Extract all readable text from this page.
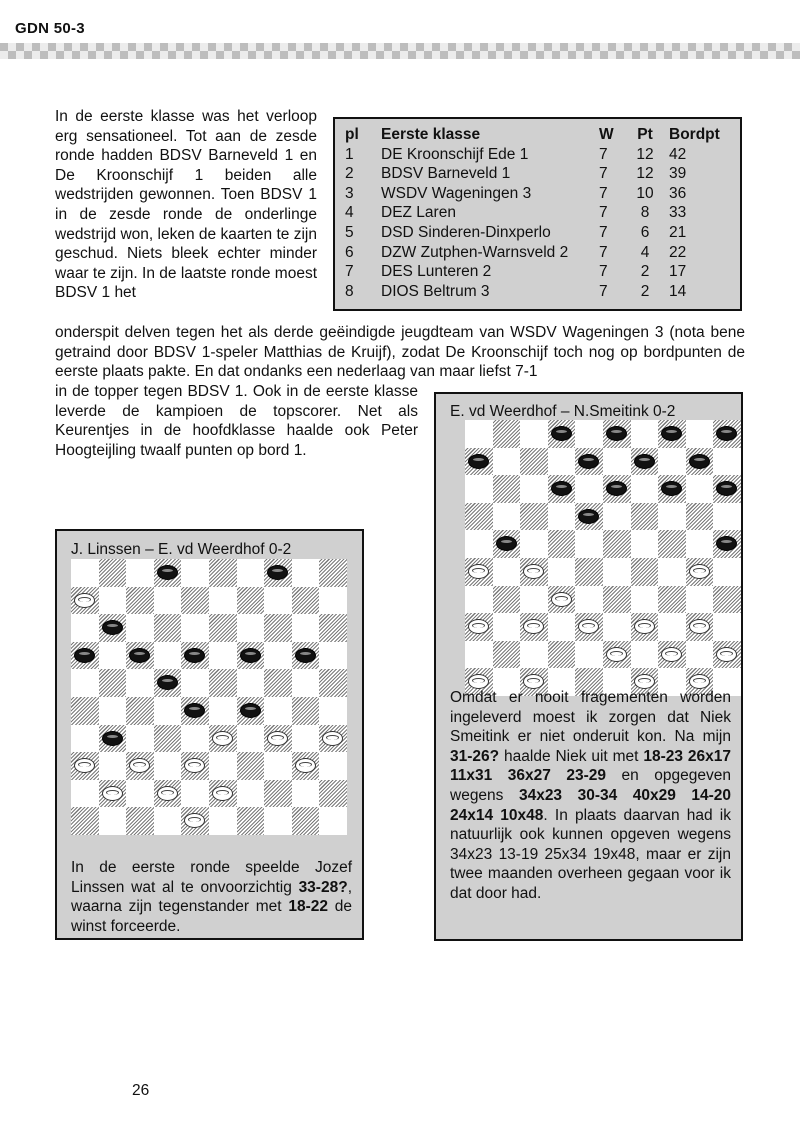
GDN 50-3
In de eerste klasse was het verloop erg sensationeel. Tot aan de zesde ronde hadden BDSV Barneveld 1 en De Kroonschijf 1 beiden alle wedstrijden gewonnen. Toen BDSV 1 in de zesde ronde de onderlinge wedstrijd won, leken de kaarten te zijn geschud. Niets bleek echter minder waar te zijn. In de laatste ronde moest BDSV 1 het
pl	Eerste klasse	W	Pt	Bordpt
1	DE Kroonschijf Ede 1	7	12	42
2	BDSV Barneveld 1	7	12	39
3	WSDV Wageningen 3	7	10	36
4	DEZ Laren	7	8	33
5	DSD Sinderen-Dinxperlo	7	6	21
6	DZW Zutphen-Warnsveld 2	7	4	22
7	DES Lunteren 2	7	2	17
8	DIOS Beltrum 3	7	2	14
onderspit delven tegen het als derde geëindigde jeugdteam van WSDV Wageningen 3 (nota bene getraind door BDSV 1-speler Matthias de Kruijf), zodat De Kroonschijf toch nog op bordpunten de eerste plaats pakte. En dat ondanks een nederlaag van maar liefst 7-1
in de topper tegen BDSV 1. Ook in de eerste klasse leverde de kampioen de topscorer. Net als Keurentjes in de hoofdklasse haalde ook Peter Hoogteijling twaalf punten op bord 1.
J. Linssen – E. vd Weerdhof 0-2
In de eerste ronde speelde Jozef Linssen wat al te onvoorzichtig 33-28?, waarna zijn tegenstander met 18-22 de winst forceerde.
E. vd Weerdhof – N.Smeitink 0-2
Omdat er nooit fragementen worden ingeleverd moest ik zorgen dat Niek Smeitink er niet onderuit kon. Na mijn 31-26? haalde Niek uit met 18-23 26x17 11x31 36x27 23-29 en opgegeven wegens 34x23 30-34 40x29 14-20 24x14 10x48. In plaats daarvan had ik natuurlijk ook kunnen opgeven wegens 34x23 13-19 25x34 19x48, maar er zijn twee maanden overheen gegaan voor ik dat door had.
26
